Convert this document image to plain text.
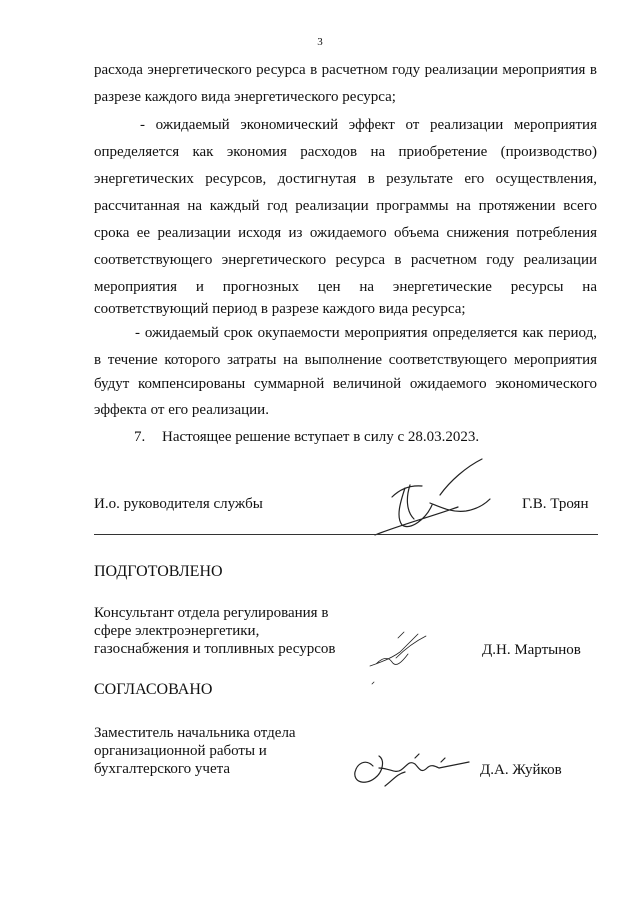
3
расхода энергетического ресурса в расчетном году реализации мероприятия в
разрезе каждого вида энергетического ресурса;
- ожидаемый экономический эффект от реализации мероприятия
определяется как экономия расходов на приобретение (производство)
энергетических ресурсов, достигнутая в результате его осуществления,
рассчитанная на каждый год реализации программы на протяжении всего
срока ее реализации исходя из ожидаемого объема снижения потребления
соответствующего энергетического ресурса в расчетном году реализации
мероприятия и прогнозных цен на энергетические ресурсы на
соответствующий период в разрезе каждого вида ресурса;
- ожидаемый срок окупаемости мероприятия определяется как период,
в течение которого затраты на выполнение соответствующего мероприятия
будут компенсированы суммарной величиной ожидаемого экономического
эффекта от его реализации.
7. Настоящее решение вступает в силу с 28.03.2023.
И.о. руководителя службы	Г.В. Троян
ПОДГОТОВЛЕНО
Консультант отдела регулирования в
сфере электроэнергетики,
газоснабжения и топливных ресурсов	Д.Н. Мартынов
СОГЛАСОВАНО
Заместитель начальника отдела
организационной работы и
бухгалтерского учета	Д.А. Жуйков
